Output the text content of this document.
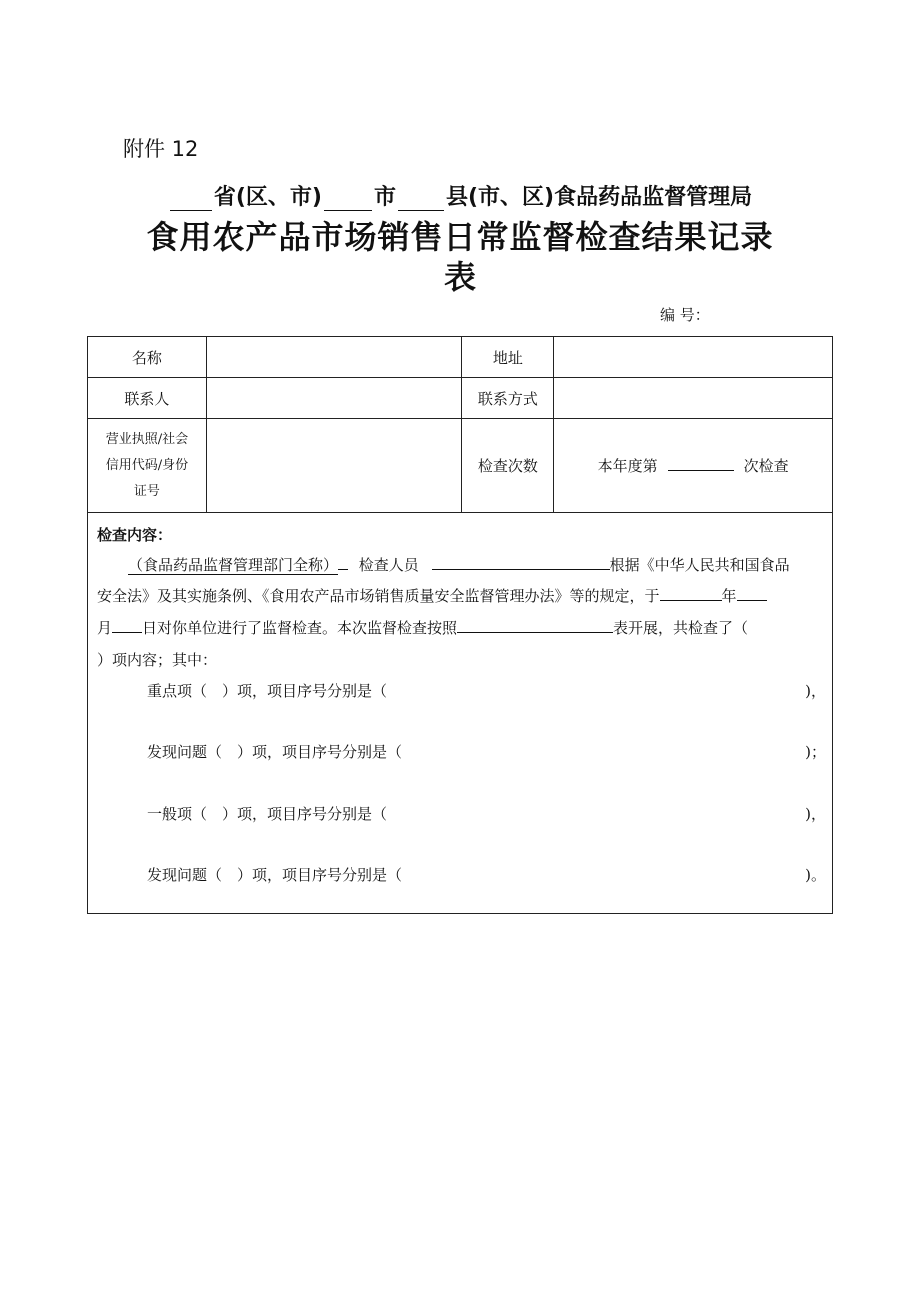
附件 12
省(区、市) 市 县(市、区)食品药品监督管理局
食用农产品市场销售日常监督检查结果记录
表
编 号：
名称		地址	
联系人		联系方式	

营业执照/社会
信用代码/身份
证号		检查次数	本年度第 次检查
检查内容：
（食品药品监督管理部门全称） 检查人员	根据《中华人民共和国食品
安全法》及其实施条例、《食用农产品市场销售质量安全监督管理办法》等的规定，于	年
月 日对你单位进行了监督检查。本次监督检查按照	表开展，共检查了（
）项内容；其中：
重点项（　）项，项目序号分别是（	)，
发现问题（　）项，项目序号分别是（	)；
一般项（　）项，项目序号分别是（	)，
发现问题（　）项，项目序号分别是（	)。
